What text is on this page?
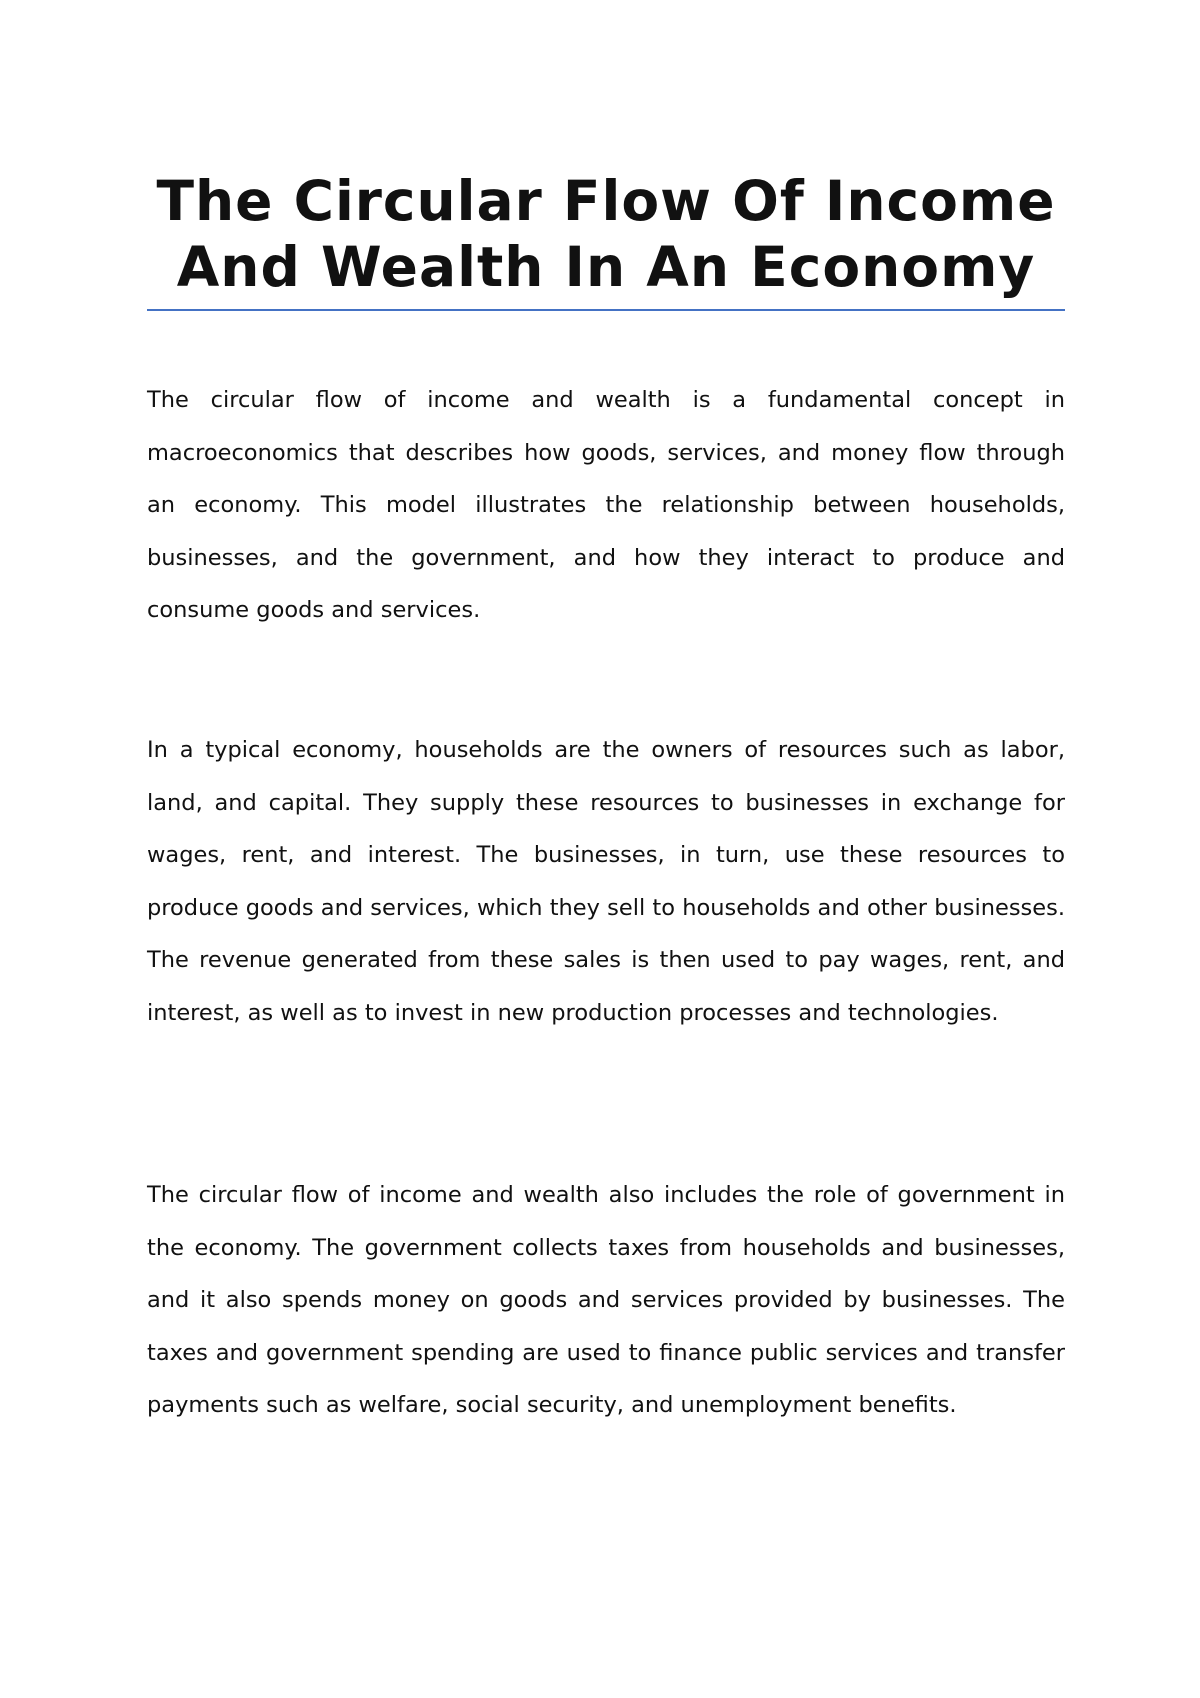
The Circular Flow Of Income
And Wealth In An Economy

The circular flow of income and wealth is a fundamental concept in macroeconomics that describes how goods, services, and money flow through an economy. This model illustrates the relationship between households, businesses, and the government, and how they interact to produce and consume goods and services.

In a typical economy, households are the owners of resources such as labor, land, and capital. They supply these resources to businesses in exchange for wages, rent, and interest. The businesses, in turn, use these resources to produce goods and services, which they sell to households and other businesses. The revenue generated from these sales is then used to pay wages, rent, and interest, as well as to invest in new production processes and technologies.

The circular flow of income and wealth also includes the role of government in the economy. The government collects taxes from households and businesses, and it also spends money on goods and services provided by businesses. The taxes and government spending are used to finance public services and transfer payments such as welfare, social security, and unemployment benefits.
